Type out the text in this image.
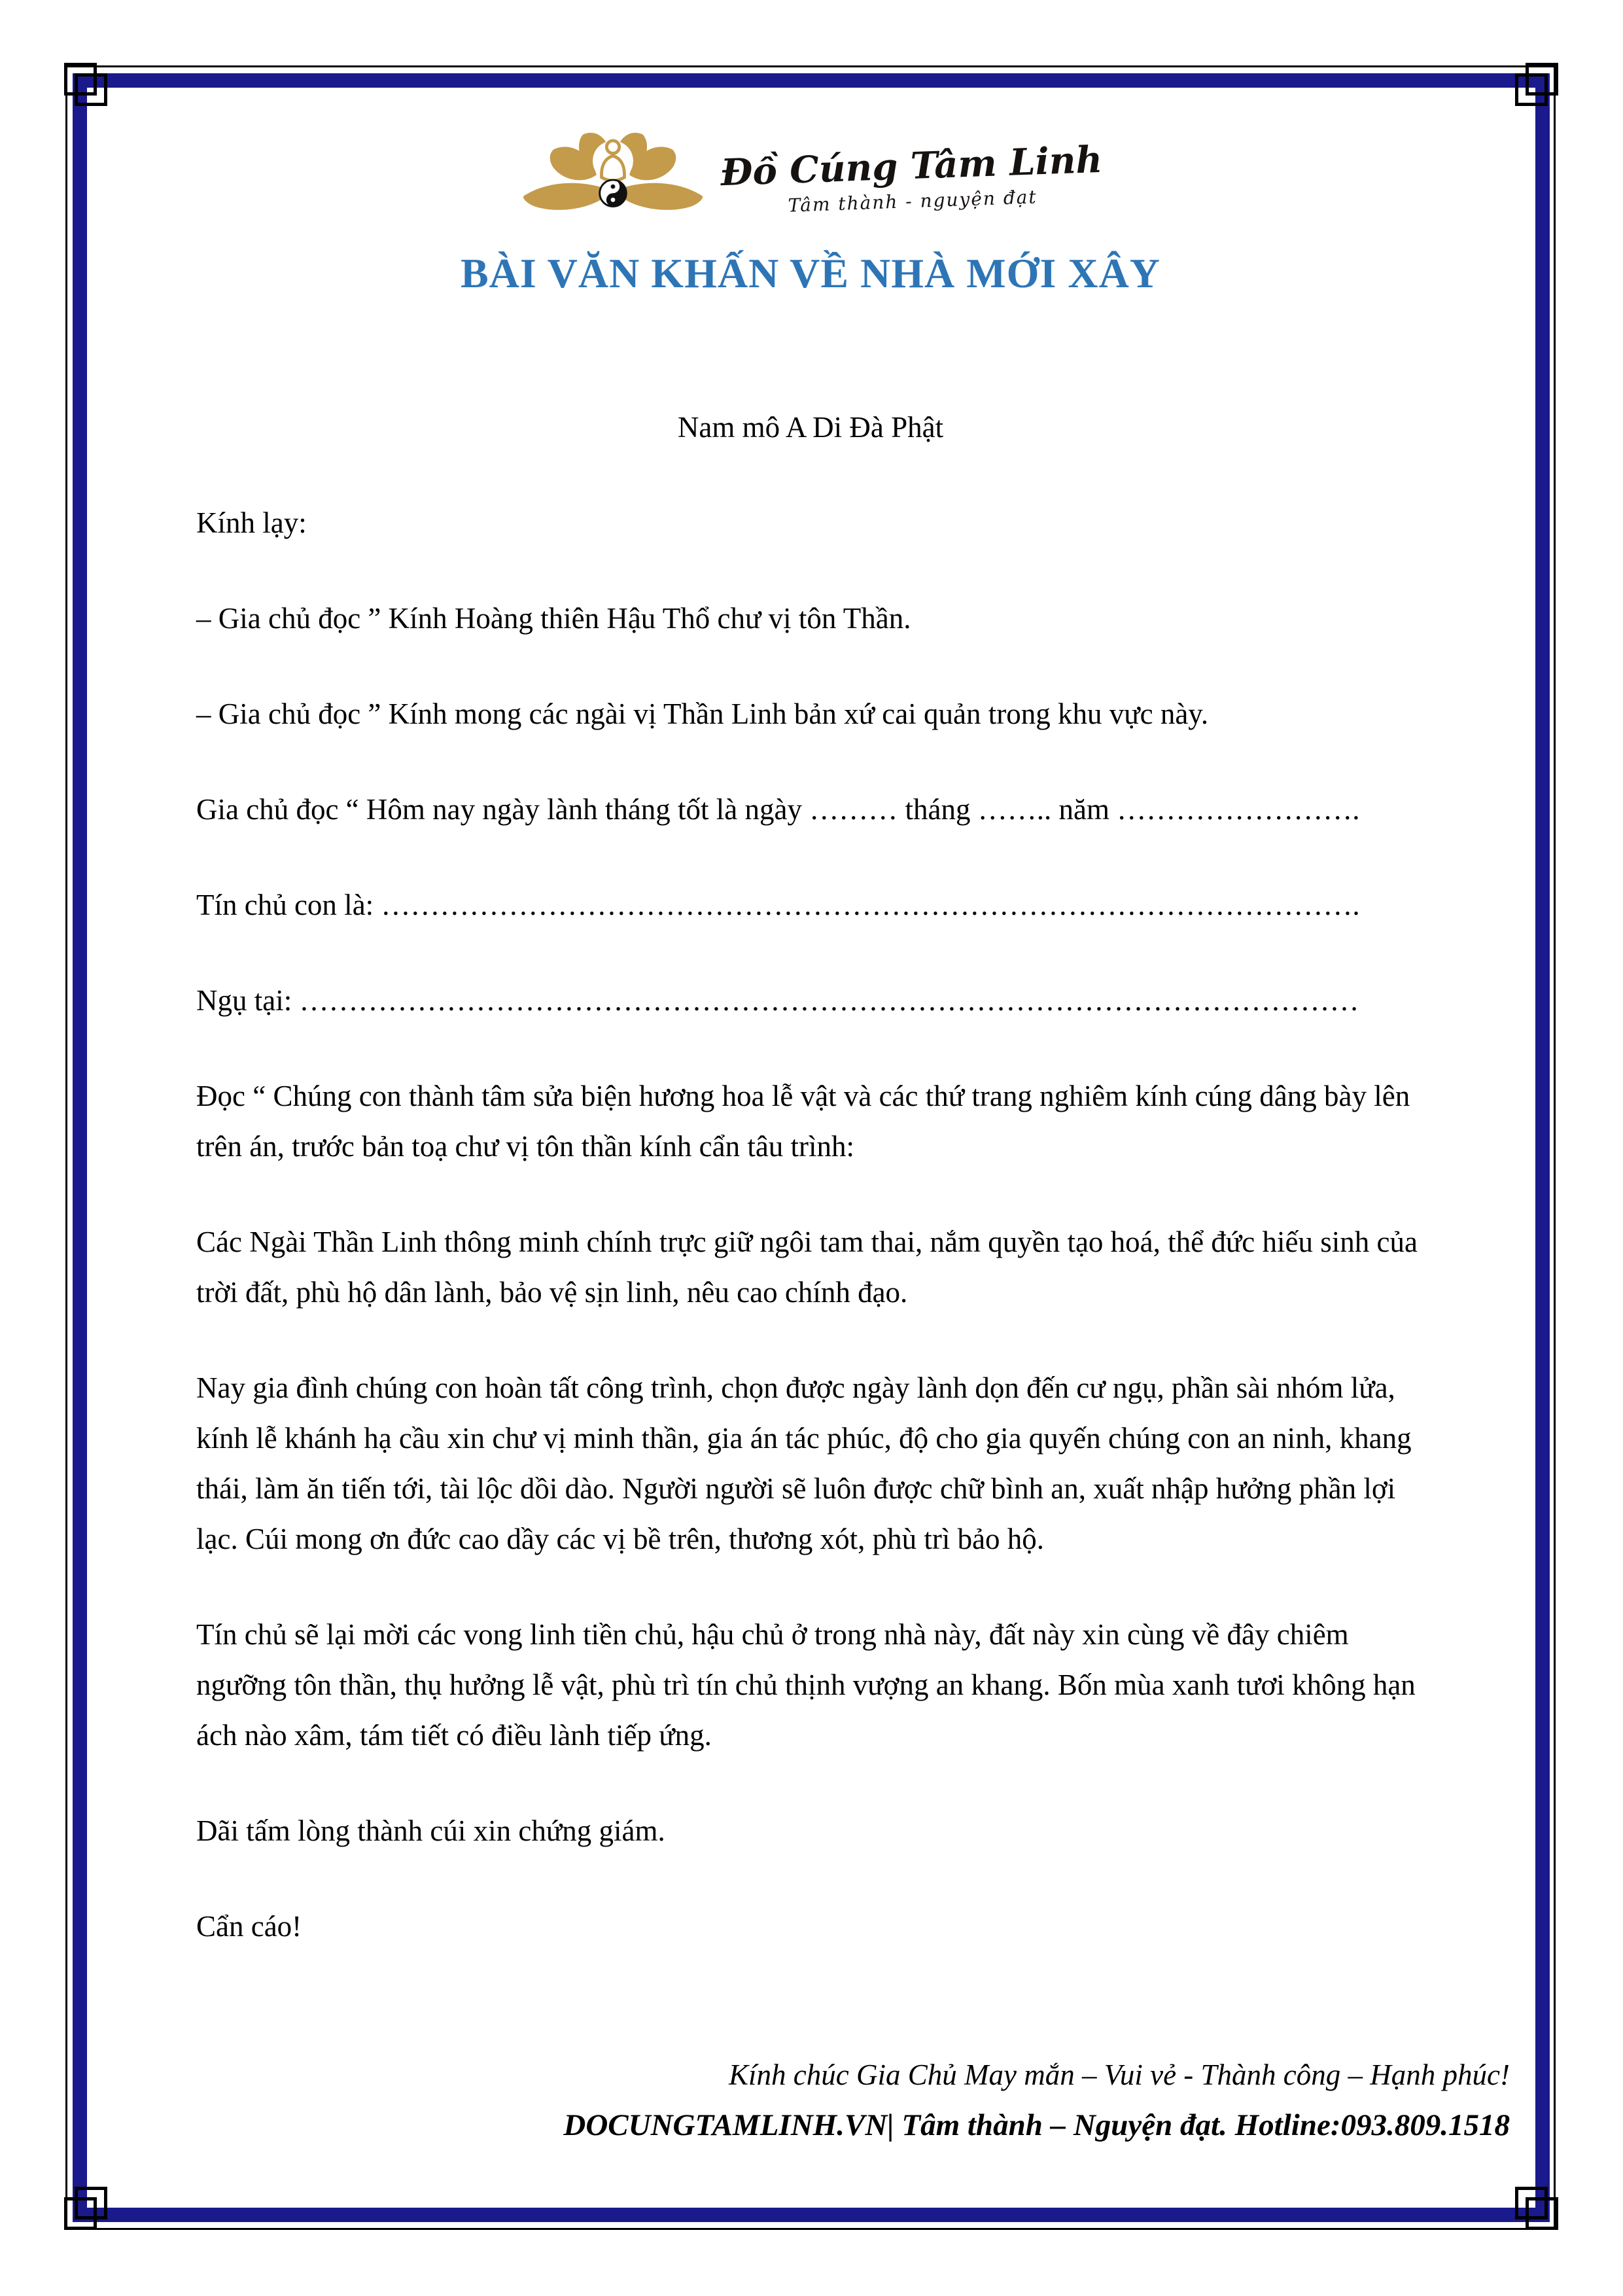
Đồ Cúng Tâm Linh
Tâm thành - nguyện đạt
BÀI VĂN KHẤN VỀ NHÀ MỚI XÂY

Nam mô A Di Đà Phật

Kính lạy:

– Gia chủ đọc ” Kính Hoàng thiên Hậu Thổ chư vị tôn Thần.

– Gia chủ đọc ” Kính mong các ngài vị Thần Linh bản xứ cai quản trong khu vực này.

Gia chủ đọc “ Hôm nay ngày lành tháng tốt là ngày ……… tháng …….. năm …………………….

Tín chủ con là: ……………………………………………………………………………………….

Ngụ tại: ………………………………………………………………………………………………

Đọc “ Chúng con thành tâm sửa biện hương hoa lễ vật và các thứ trang nghiêm kính cúng dâng bày lên trên án, trước bản toạ chư vị tôn thần kính cẩn tâu trình:

Các Ngài Thần Linh thông minh chính trực giữ ngôi tam thai, nắm quyền tạo hoá, thể đức hiếu sinh của trời đất, phù hộ dân lành, bảo vệ sịn linh, nêu cao chính đạo.

Nay gia đình chúng con hoàn tất công trình, chọn được ngày lành dọn đến cư ngụ, phần sài nhóm lửa, kính lễ khánh hạ cầu xin chư vị minh thần, gia án tác phúc, độ cho gia quyến chúng con an ninh, khang thái, làm ăn tiến tới, tài lộc dồi dào. Người người sẽ luôn được chữ bình an, xuất nhập hưởng phần lợi lạc. Cúi mong ơn đức cao dầy các vị bề trên, thương xót, phù trì bảo hộ.

Tín chủ sẽ lại mời các vong linh tiền chủ, hậu chủ ở trong nhà này, đất này xin cùng về đây chiêm ngưỡng tôn thần, thụ hưởng lễ vật, phù trì tín chủ thịnh vượng an khang. Bốn mùa xanh tươi không hạn ách nào xâm, tám tiết có điều lành tiếp ứng.

Dãi tấm lòng thành cúi xin chứng giám.

Cẩn cáo!

Kính chúc Gia Chủ May mắn – Vui vẻ - Thành công – Hạnh phúc!
DOCUNGTAMLINH.VN| Tâm thành – Nguyện đạt. Hotline:093.809.1518
